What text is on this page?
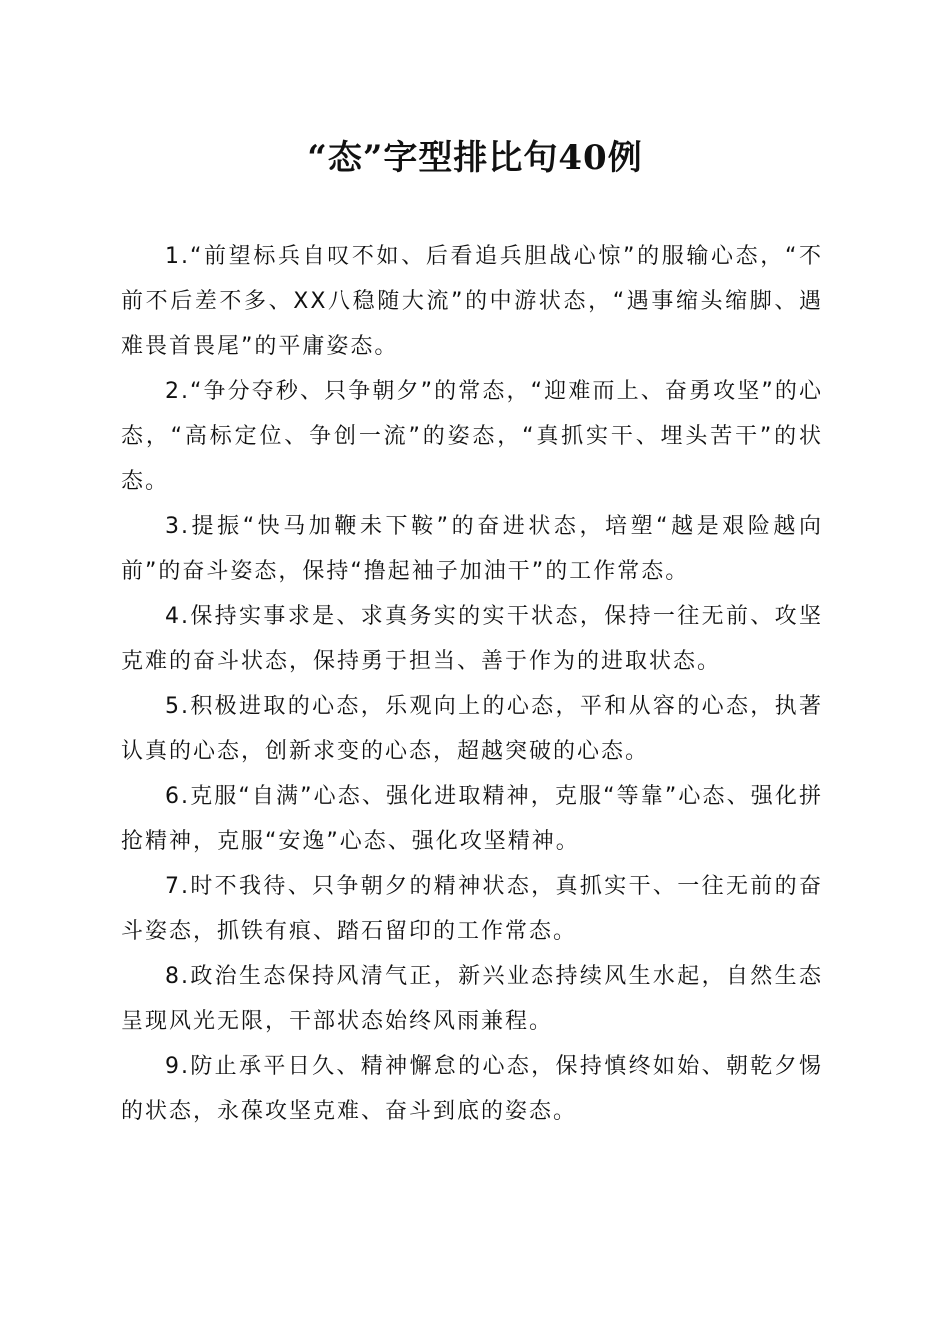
“态”字型排比句40例

1.“前望标兵自叹不如、后看追兵胆战心惊”的服输心态，“不前不后差不多、XX八稳随大流”的中游状态，“遇事缩头缩脚、遇难畏首畏尾”的平庸姿态。

2.“争分夺秒、只争朝夕”的常态，“迎难而上、奋勇攻坚”的心态，“高标定位、争创一流”的姿态，“真抓实干、埋头苦干”的状态。

3.提振“快马加鞭未下鞍”的奋进状态，培塑“越是艰险越向前”的奋斗姿态，保持“撸起袖子加油干”的工作常态。

4.保持实事求是、求真务实的实干状态，保持一往无前、攻坚克难的奋斗状态，保持勇于担当、善于作为的进取状态。

5.积极进取的心态，乐观向上的心态，平和从容的心态，执著认真的心态，创新求变的心态，超越突破的心态。

6.克服“自满”心态、强化进取精神，克服“等靠”心态、强化拼抢精神，克服“安逸”心态、强化攻坚精神。

7.时不我待、只争朝夕的精神状态，真抓实干、一往无前的奋斗姿态，抓铁有痕、踏石留印的工作常态。

8.政治生态保持风清气正，新兴业态持续风生水起，自然生态呈现风光无限，干部状态始终风雨兼程。

9.防止承平日久、精神懈怠的心态，保持慎终如始、朝乾夕惕的状态，永葆攻坚克难、奋斗到底的姿态。
